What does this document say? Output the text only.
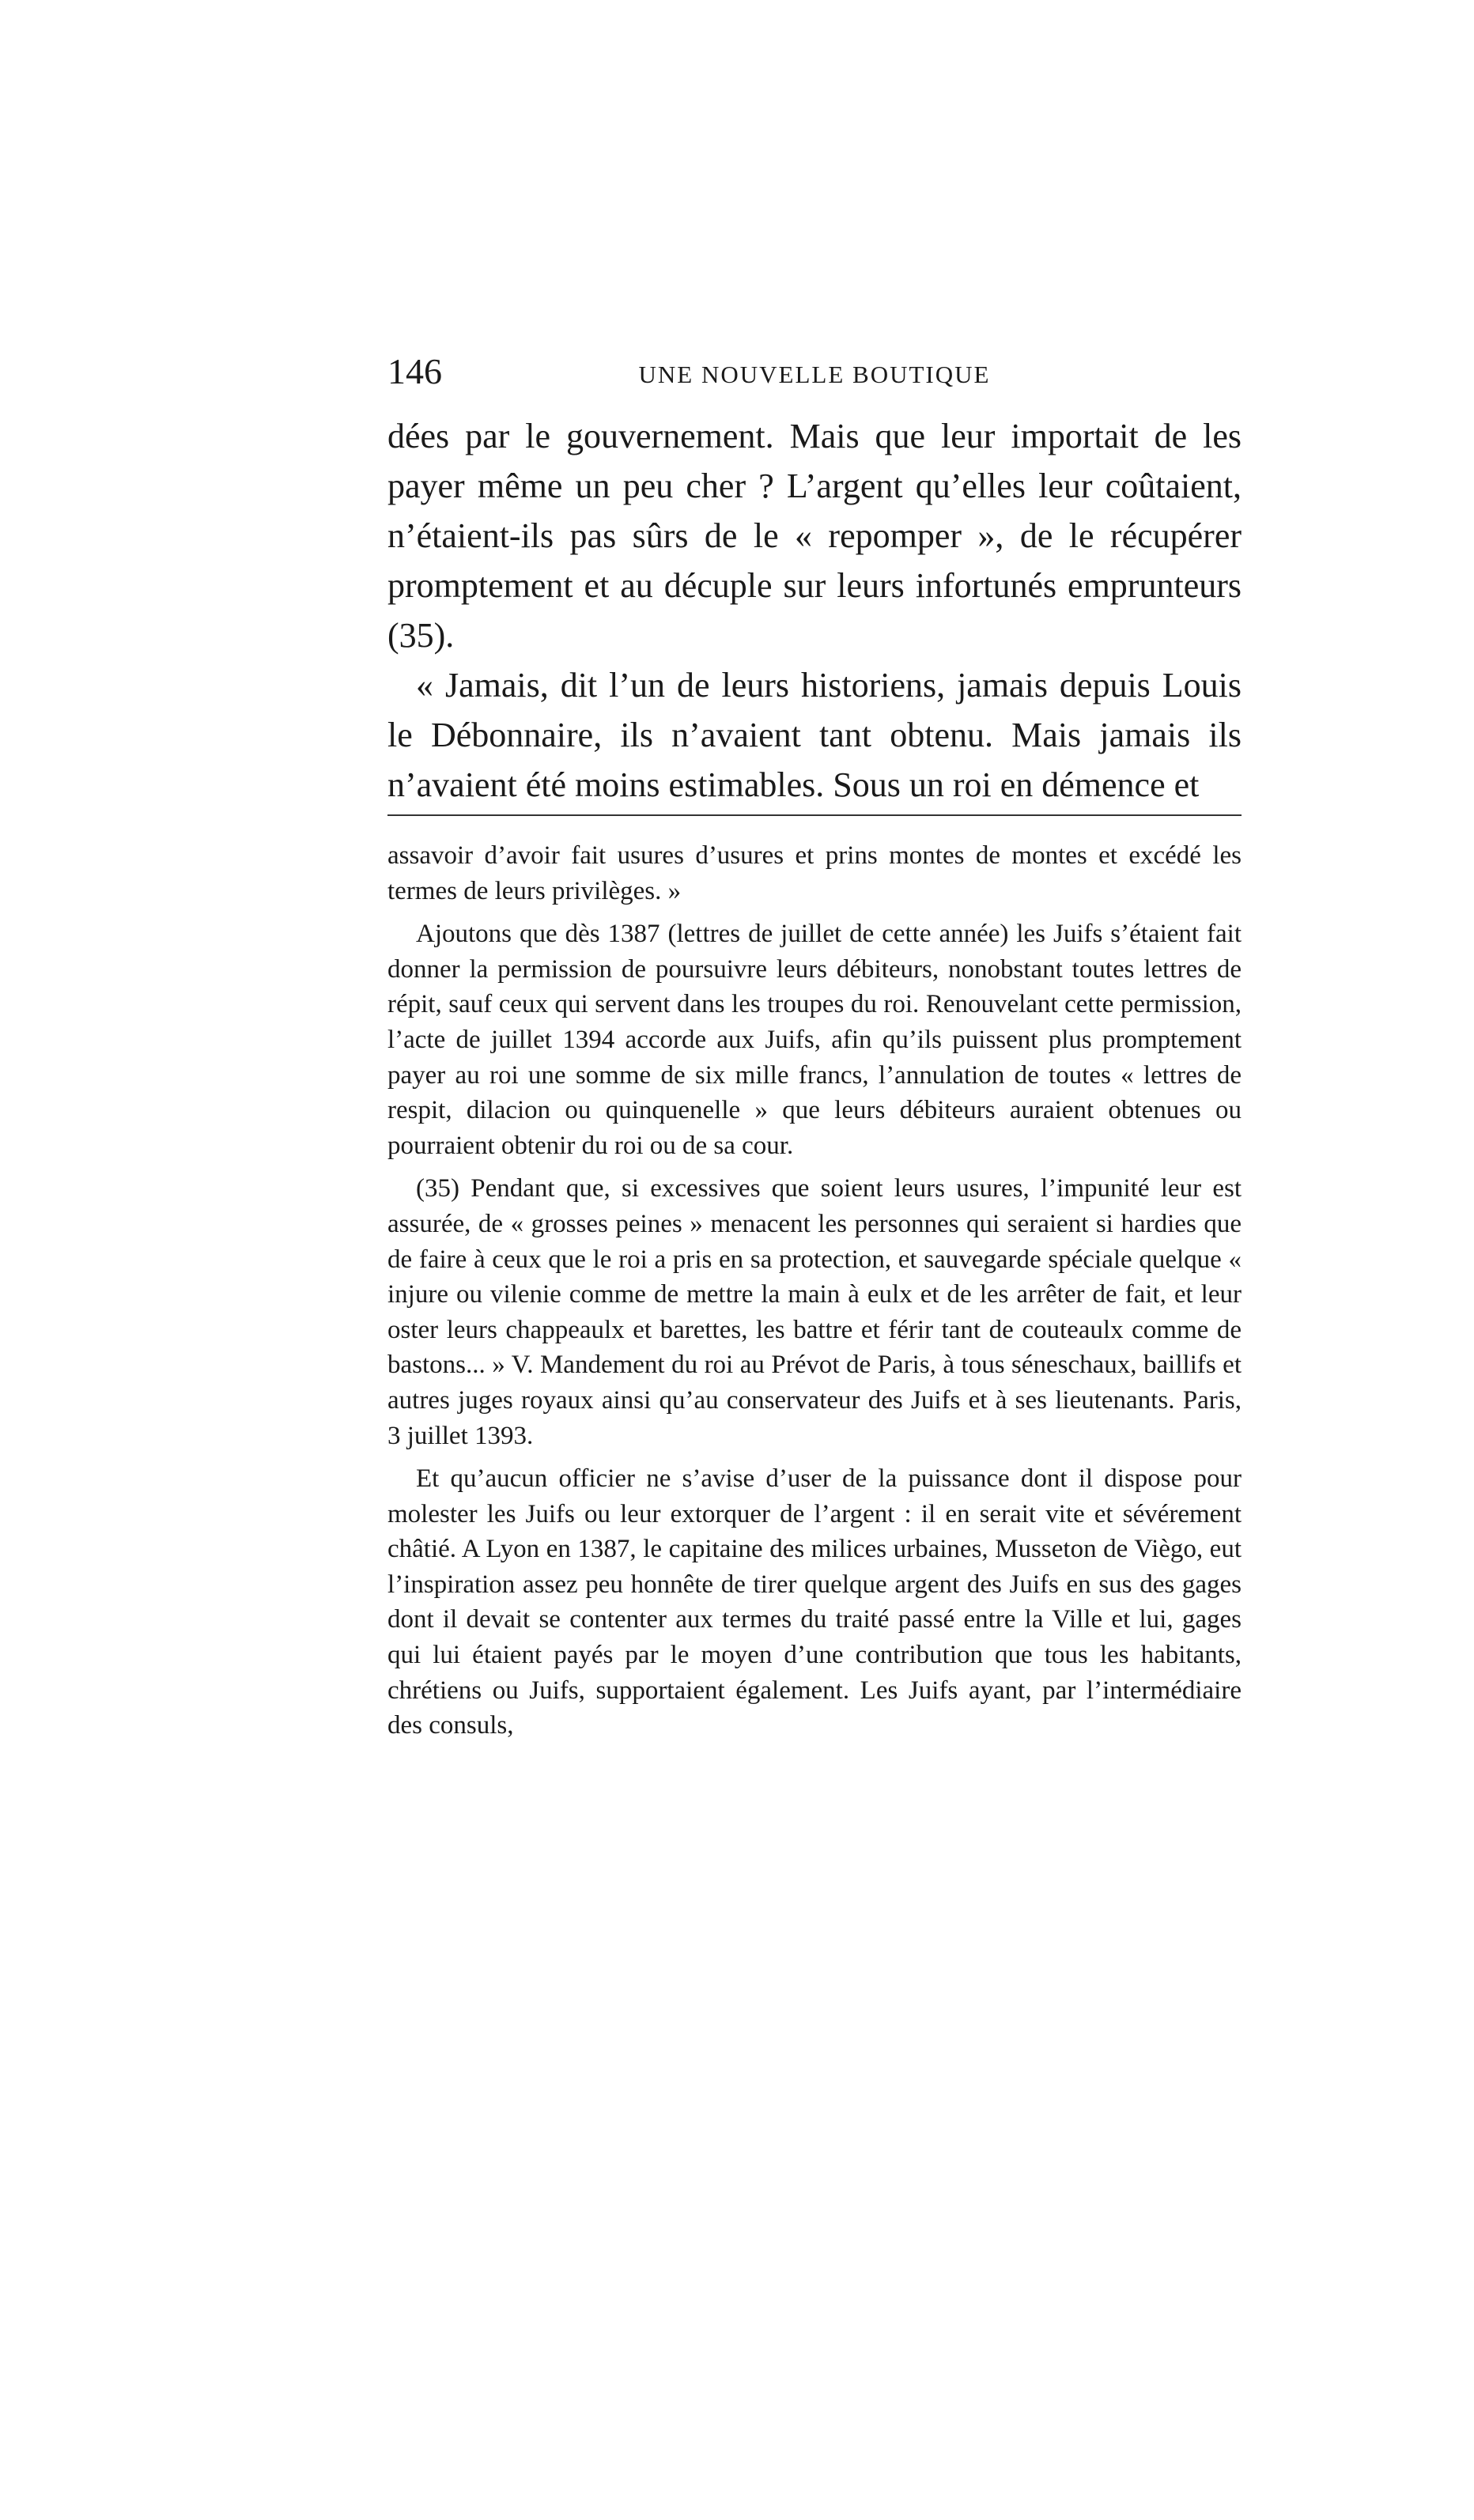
146	UNE NOUVELLE BOUTIQUE

dées par le gouvernement. Mais que leur importait de les payer même un peu cher ? L’argent qu’elles leur coûtaient, n’étaient-ils pas sûrs de le « repomper », de le récupérer promptement et au décuple sur leurs infortunés emprunteurs (35).

« Jamais, dit l’un de leurs historiens, jamais depuis Louis le Débonnaire, ils n’avaient tant obtenu. Mais jamais ils n’avaient été moins estimables. Sous un roi en démence et

assavoir d’avoir fait usures d’usures et prins montes de montes et excédé les termes de leurs privilèges. »

Ajoutons que dès 1387 (lettres de juillet de cette année) les Juifs s’étaient fait donner la permission de poursuivre leurs débiteurs, nonobstant toutes lettres de répit, sauf ceux qui servent dans les troupes du roi. Renouvelant cette permission, l’acte de juillet 1394 accorde aux Juifs, afin qu’ils puissent plus promptement payer au roi une somme de six mille francs, l’annulation de toutes « lettres de respit, dilacion ou quinquenelle » que leurs débiteurs auraient obtenues ou pourraient obtenir du roi ou de sa cour.

(35) Pendant que, si excessives que soient leurs usures, l’impunité leur est assurée, de « grosses peines » menacent les personnes qui seraient si hardies que de faire à ceux que le roi a pris en sa protection, et sauvegarde spéciale quelque « injure ou vilenie comme de mettre la main à eulx et de les arrêter de fait, et leur oster leurs chappeaulx et barettes, les battre et férir tant de couteaulx comme de bastons... » V. Mandement du roi au Prévot de Paris, à tous séneschaux, baillifs et autres juges royaux ainsi qu’au conservateur des Juifs et à ses lieutenants. Paris, 3 juillet 1393.

Et qu’aucun officier ne s’avise d’user de la puissance dont il dispose pour molester les Juifs ou leur extorquer de l’argent : il en serait vite et sévérement châtié. A Lyon en 1387, le capitaine des milices urbaines, Musseton de Viègo, eut l’inspiration assez peu honnête de tirer quelque argent des Juifs en sus des gages dont il devait se contenter aux termes du traité passé entre la Ville et lui, gages qui lui étaient payés par le moyen d’une contribution que tous les habitants, chrétiens ou Juifs, supportaient également. Les Juifs ayant, par l’intermédiaire des consuls,
